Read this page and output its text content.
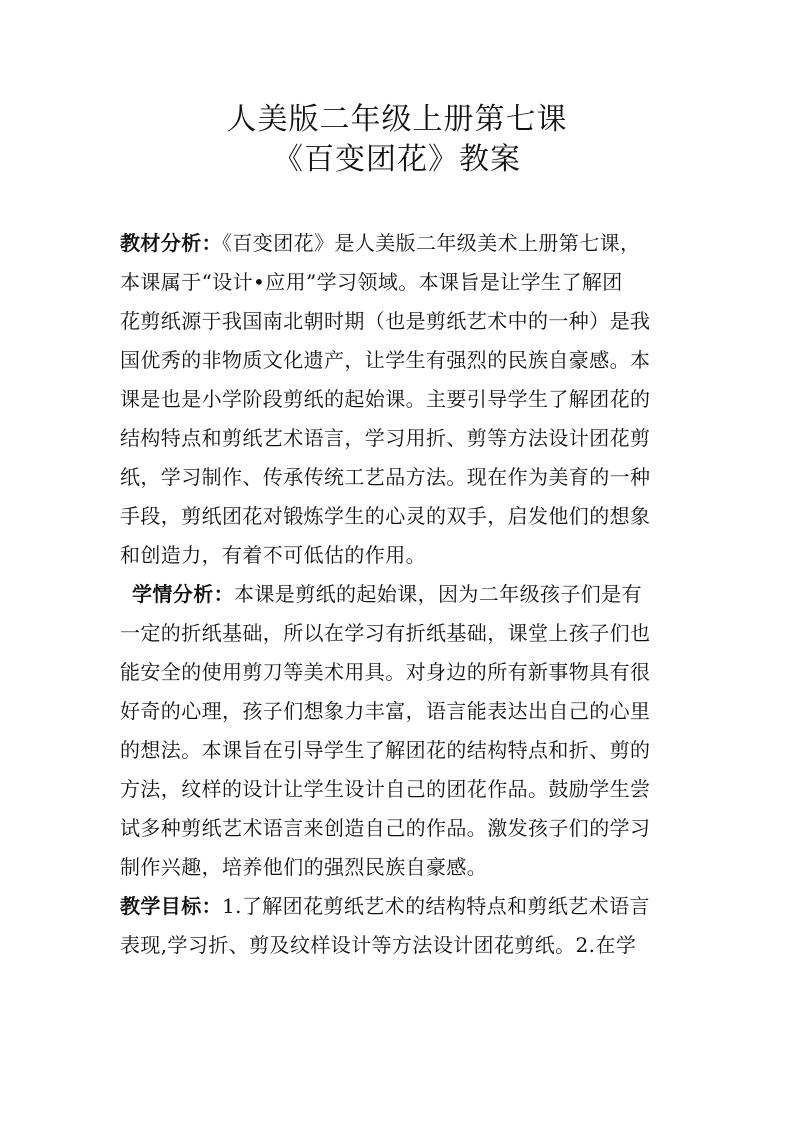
人美版二年级上册第七课
《百变团花》教案
教材分析：《百变团花》是人美版二年级美术上册第七课，
本课属于“设计•应用”学习领域。本课旨是让学生了解团
花剪纸源于我国南北朝时期（也是剪纸艺术中的一种）是我
国优秀的非物质文化遗产，让学生有强烈的民族自豪感。本
课是也是小学阶段剪纸的起始课。主要引导学生了解团花的
结构特点和剪纸艺术语言，学习用折、剪等方法设计团花剪
纸，学习制作、传承传统工艺品方法。现在作为美育的一种
手段，剪纸团花对锻炼学生的心灵的双手，启发他们的想象
和创造力，有着不可低估的作用。
学情分析：本课是剪纸的起始课，因为二年级孩子们是有
一定的折纸基础，所以在学习有折纸基础，课堂上孩子们也
能安全的使用剪刀等美术用具。对身边的所有新事物具有很
好奇的心理，孩子们想象力丰富，语言能表达出自己的心里
的想法。本课旨在引导学生了解团花的结构特点和折、剪的
方法，纹样的设计让学生设计自己的团花作品。鼓励学生尝
试多种剪纸艺术语言来创造自己的作品。激发孩子们的学习
制作兴趣，培养他们的强烈民族自豪感。
教学目标：1.了解团花剪纸艺术的结构特点和剪纸艺术语言
表现,学习折、剪及纹样设计等方法设计团花剪纸。2.在学
